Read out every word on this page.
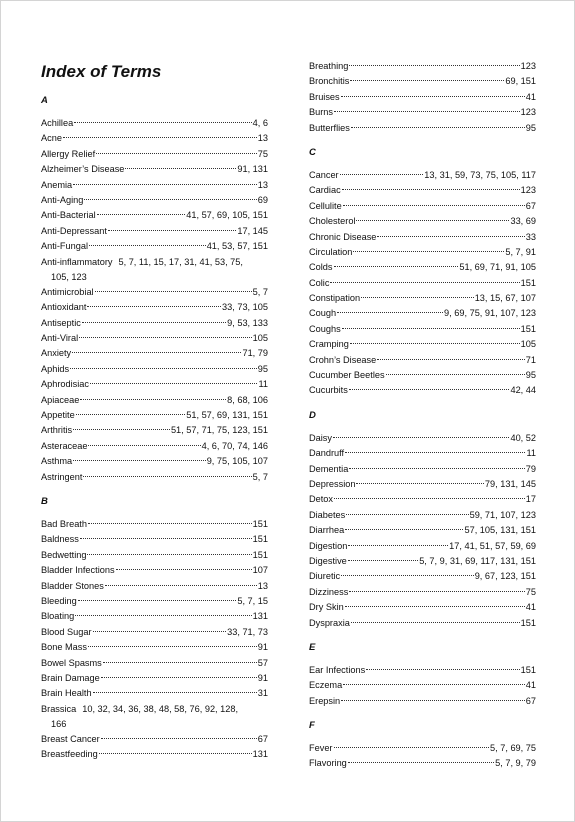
Index of Terms
A
Achillea	4, 6
Acne	13
Allergy Relief	75
Alzheimer’s Disease	91, 131
Anemia	13
Anti-Aging	69
Anti-Bacterial	41, 57, 69, 105, 151
Anti-Depressant	17, 145
Anti-Fungal	41, 53, 57, 151
Anti-inflammatory 5, 7, 11, 15, 17, 31, 41, 53, 75,
105, 123
Antimicrobial	5, 7
Antioxidant	33, 73, 105
Antiseptic	9, 53, 133
Anti-Viral	105
Anxiety	71, 79
Aphids	95
Aphrodisiac	11
Apiaceae	8, 68, 106
Appetite	51, 57, 69, 131, 151
Arthritis	51, 57, 71, 75, 123, 151
Asteraceae	4, 6, 70, 74, 146
Asthma	9, 75, 105, 107
Astringent	5, 7
B
Bad Breath	151
Baldness	151
Bedwetting	151
Bladder Infections	107
Bladder Stones	13
Bleeding	5, 7, 15
Bloating	131
Blood Sugar	33, 71, 73
Bone Mass	91
Bowel Spasms	57
Brain Damage	91
Brain Health	31
Brassica 10, 32, 34, 36, 38, 48, 58, 76, 92, 128,
166
Breast Cancer	67
Breastfeeding	131
Breathing	123
Bronchitis	69, 151
Bruises	41
Burns	123
Butterflies	95
C
Cancer	13, 31, 59, 73, 75, 105, 117
Cardiac	123
Cellulite	67
Cholesterol	33, 69
Chronic Disease	33
Circulation	5, 7, 91
Colds	51, 69, 71, 91, 105
Colic	151
Constipation	13, 15, 67, 107
Cough	9, 69, 75, 91, 107, 123
Coughs	151
Cramping	105
Crohn’s Disease	71
Cucumber Beetles	95
Cucurbits	42, 44
D
Daisy	40, 52
Dandruff	11
Dementia	79
Depression	79, 131, 145
Detox	17
Diabetes	59, 71, 107, 123
Diarrhea	57, 105, 131, 151
Digestion	17, 41, 51, 57, 59, 69
Digestive	5, 7, 9, 31, 69, 117, 131, 151
Diuretic	9, 67, 123, 151
Dizziness	75
Dry Skin	41
Dyspraxia	151
E
Ear Infections	151
Eczema	41
Erepsin	67
F
Fever	5, 7, 69, 75
Flavoring	5, 7, 9, 79
